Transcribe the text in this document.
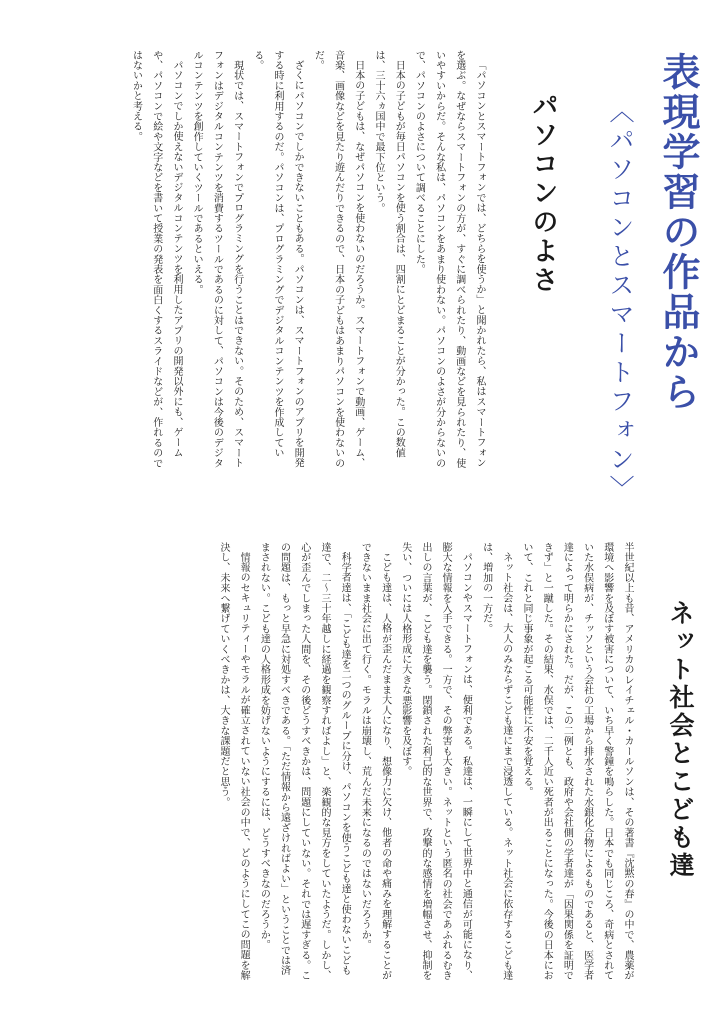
表現学習の作品から
〈パソコンとスマートフォン〉
パソコンのよさ
「パソコンとスマートフォンでは、どちらを使うか」と聞かれたら、私はスマートフォンを選ぶ。なぜならスマートフォンの方が、すぐに調べられたり、動画などを見られたり、使いやすいからだ。そんな私は、パソコンをあまり使わない。パソコンのよさが分からないので、パソコンのよさについて調べることにした。
日本の子どもが毎日パソコンを使う割合は、四割にとどまることが分かった。この数値は、三十六ヵ国中で最下位という。
日本の子どもは、なぜパソコンを使わないのだろうか。スマートフォンで動画、ゲーム、音楽、画像などを見たり遊んだりできるので、日本の子どもはあまりパソコンを使わないのだ。
ざくにパソコンでしかできないこともある。パソコンは、スマートフォンのアプリを開発する時に利用するのだ。パソコンは、プログラミングでデジタルコンテンツを作成している。
現状では、スマートフォンでプログラミングを行うことはできない。そのため、スマートフォンはデジタルコンテンツを消費するツールであるのに対して、パソコンは今後のデジタルコンテンツを創作していくツールであるといえる。
パソコンでしか使えないデジタルコンテンツを利用したアプリの開発以外にも、ゲームや、パソコンで絵や文字などを書いて授業の発表を面白くするスライドなどが、作れるのではないかと考える。
ネット社会とこども達
半世紀以上も昔、アメリカのレイチェル・カールソンは、その著書『沈黙の春』の中で、農薬が環境へ影響を及ぼす被害について、いち早く警鐘を鳴らした。日本でも同じころ、奇病とされていた水俣病が、チッソという会社の工場から排水された水銀化合物によるものであると、医学者達によって明らかにされた。だが、この二例とも、政府や会社側の学者達が「因果関係を証明できず」と一蹴した。その結果、水俣では、二千人近い死者が出ることになった。今後の日本において、これと同じ事象が起こる可能性に不安を覚える。
ネット社会は、大人のみならずこども達にまで浸透している。ネット社会に依存するこども達は、増加の一方だ。
パソコンやスマートフォンは、便利である。私達は、一瞬にして世界中と通信が可能になり、膨大な情報を入手できる。一方で、その弊害も大きい。ネットという匿名の社会であふれるむき出しの言葉が、こども達を襲う。閉鎖された利己的な世界で、攻撃的な感情を増幅させ、抑制を失い、ついには人格形成に大きな悪影響を及ぼす。
こども達は、人格が歪んだまま大人になり、想像力に欠け、他者の命や痛みを理解することができないまま社会に出て行く。モラルは崩壊し、荒んだ未来になるのではないだろうか。
科学者達は、「こども達を二つのグループに分け、パソコンを使うこども達と使わないこども達で、二～三十年越しに経過を観察すればよし」と、楽観的な見方をしていたようだ。しかし、心が歪んでしまった人間を、その後どうすべきかは、問題にしていない。それでは遅すぎる。この問題は、もっと早急に対処すべきである。「ただ情報から遠ざければよい」ということでは済まされない。こども達の人格形成を妨げないようにするには、どうすべきなのだろうか。
情報のセキュリティーやモラルが確立されていない社会の中で、どのようにしてこの問題を解決し、未来へ繋げていくべきかは、大きな課題だと思う。
